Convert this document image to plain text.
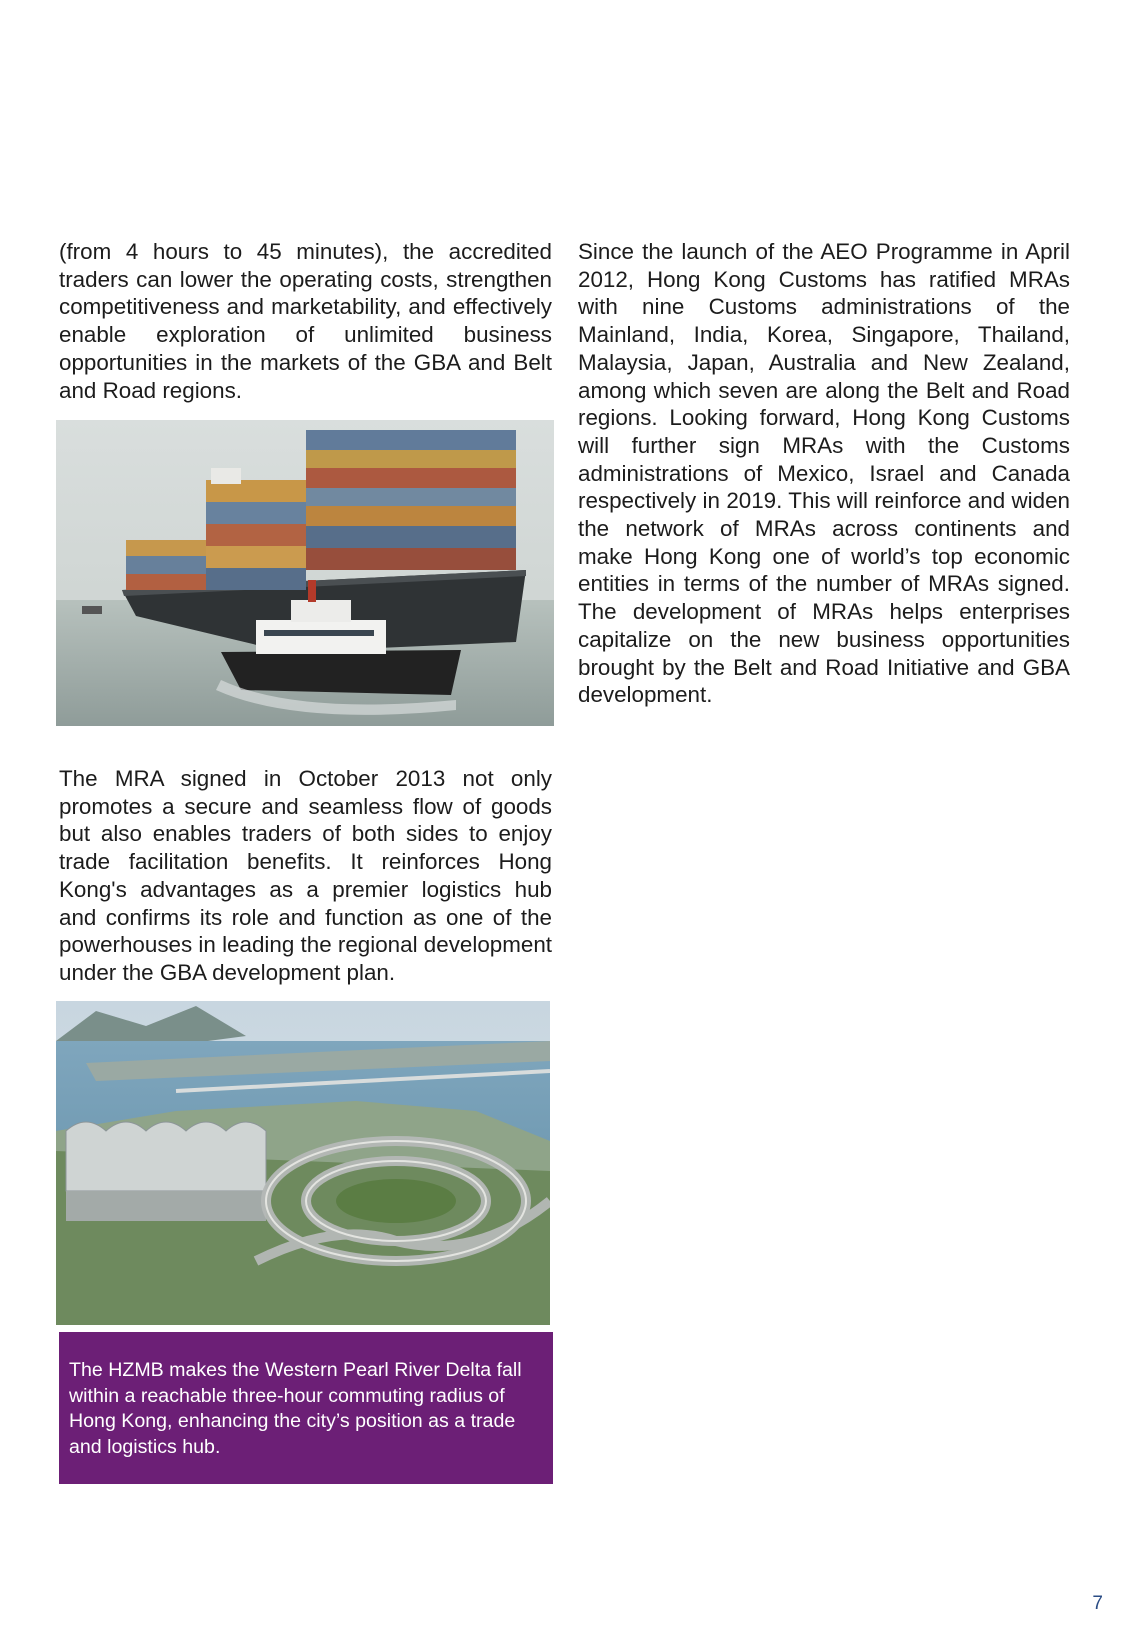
(from 4 hours to 45 minutes), the accredited traders can lower the operating costs, strengthen competitiveness and marketability, and effectively enable exploration of unlimited business opportunities in the markets of the GBA and Belt and Road regions.

Since the launch of the AEO Programme in April 2012, Hong Kong Customs has ratified MRAs with nine Customs administrations of the Mainland, India, Korea, Singapore, Thailand, Malaysia, Japan, Australia and New Zealand, among which seven are along the Belt and Road regions. Looking forward, Hong Kong Customs will further sign MRAs with the Customs administrations of Mexico, Israel and Canada respectively in 2019. This will reinforce and widen the network of MRAs across continents and make Hong Kong one of world’s top economic entities in terms of the number of MRAs signed. The development of MRAs helps enterprises capitalize on the new business opportunities brought by the Belt and Road Initiative and GBA development.

The MRA signed in October 2013 not only promotes a secure and seamless flow of goods but also enables traders of both sides to enjoy trade facilitation benefits. It reinforces Hong Kong's advantages as a premier logistics hub and confirms its role and function as one of the powerhouses in leading the regional development under the GBA development plan.

The HZMB makes the Western Pearl River Delta fall within a reachable three-hour commuting radius of Hong Kong, enhancing the city’s position as a trade and logistics hub.

7
